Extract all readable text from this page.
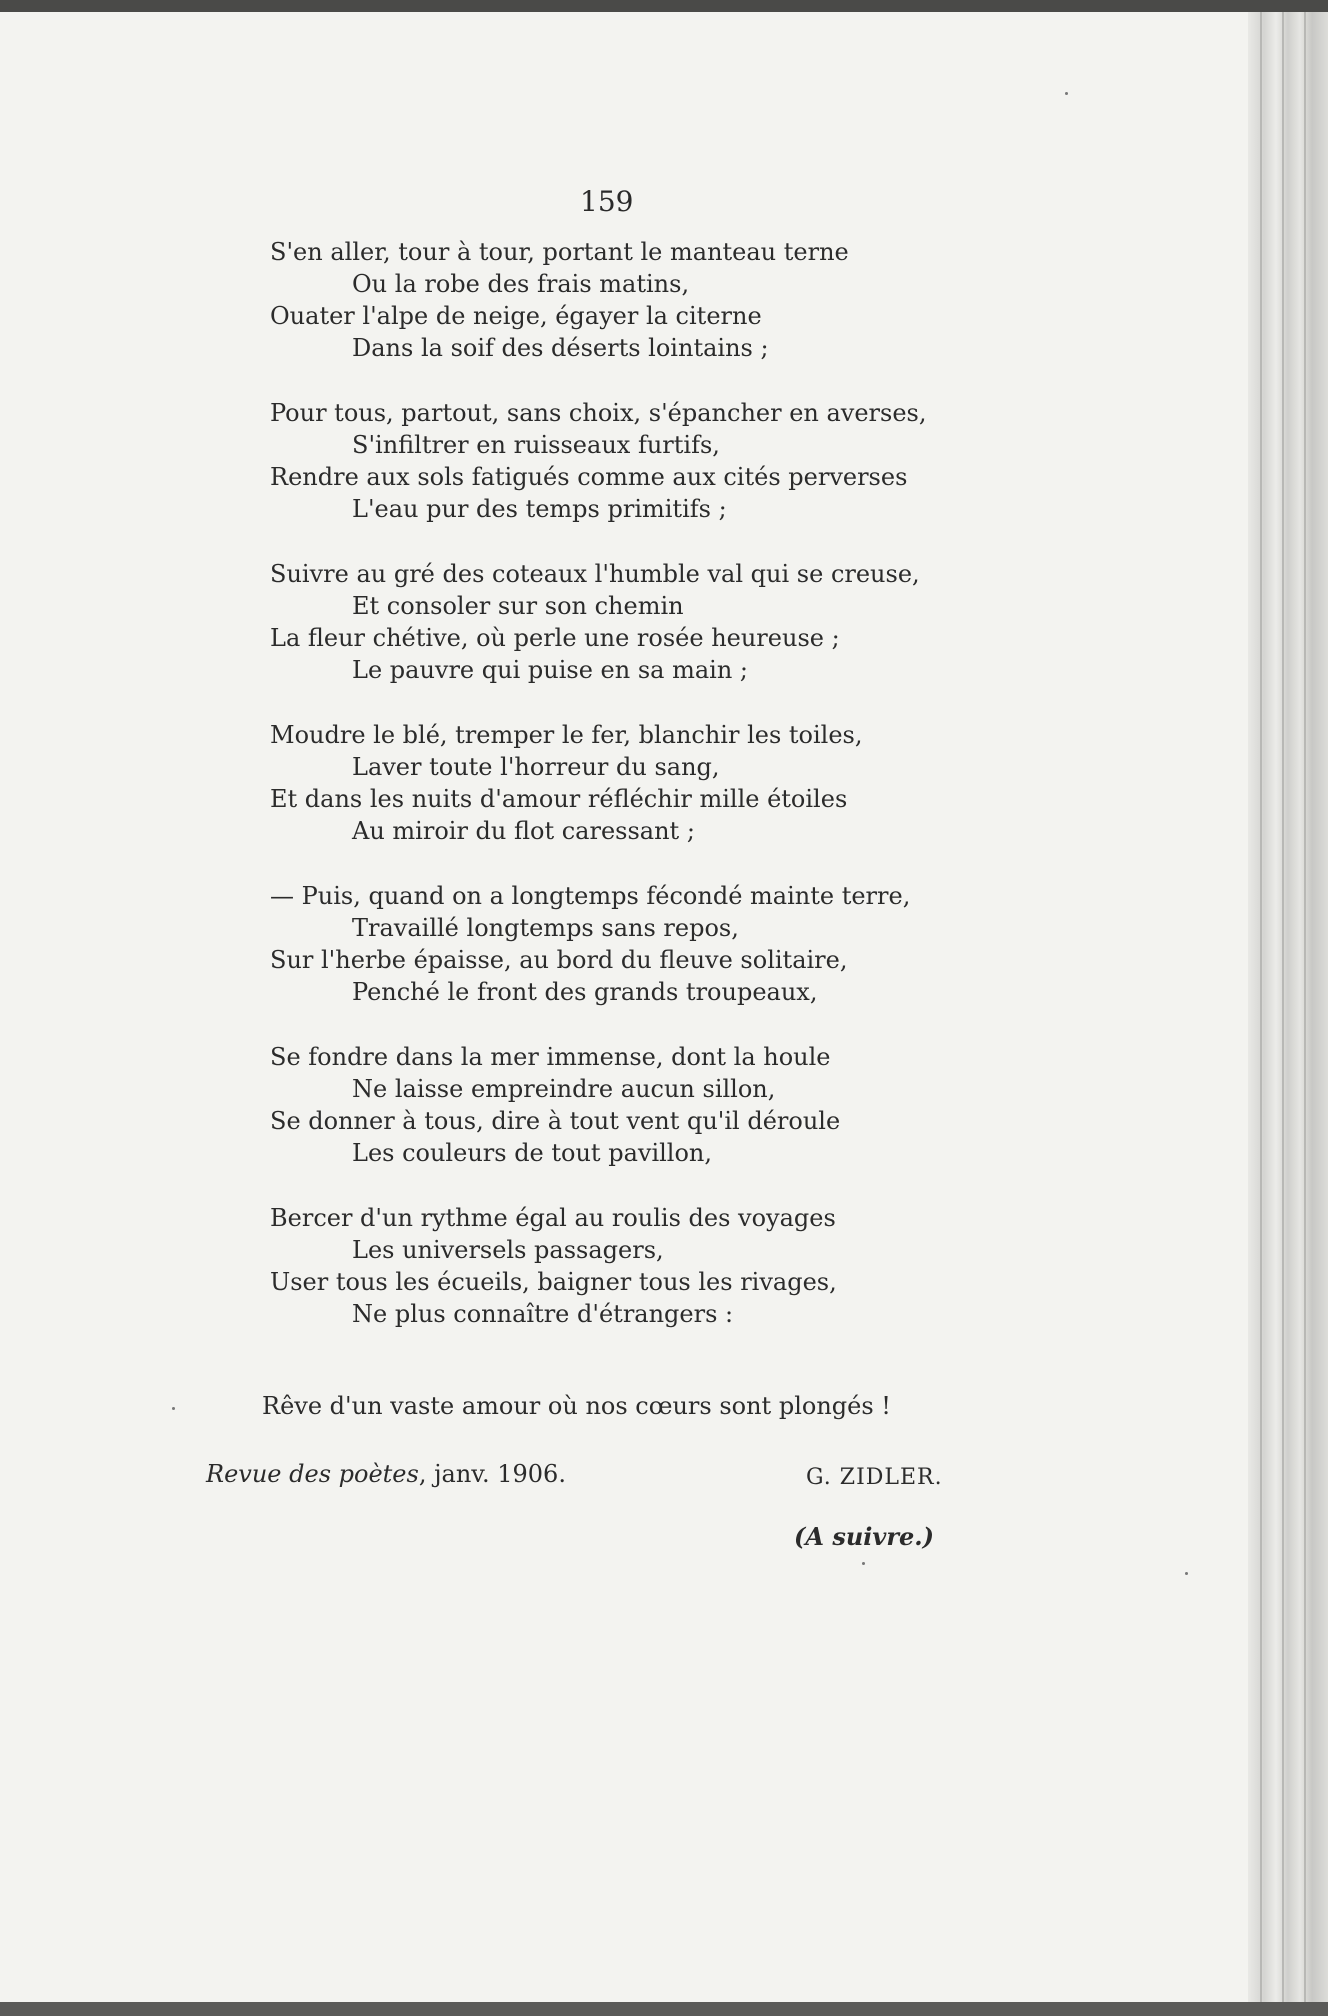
159
S'en aller, tour à tour, portant le manteau terne
Ou la robe des frais matins,
Ouater l'alpe de neige, égayer la citerne
Dans la soif des déserts lointains ;
Pour tous, partout, sans choix, s'épancher en averses,
S'infiltrer en ruisseaux furtifs,
Rendre aux sols fatigués comme aux cités perverses
L'eau pur des temps primitifs ;
Suivre au gré des coteaux l'humble val qui se creuse,
Et consoler sur son chemin
La fleur chétive, où perle une rosée heureuse ;
Le pauvre qui puise en sa main ;
Moudre le blé, tremper le fer, blanchir les toiles,
Laver toute l'horreur du sang,
Et dans les nuits d'amour réfléchir mille étoiles
Au miroir du flot caressant ;
— Puis, quand on a longtemps fécondé mainte terre,
Travaillé longtemps sans repos,
Sur l'herbe épaisse, au bord du fleuve solitaire,
Penché le front des grands troupeaux,
Se fondre dans la mer immense, dont la houle
Ne laisse empreindre aucun sillon,
Se donner à tous, dire à tout vent qu'il déroule
Les couleurs de tout pavillon,
Bercer d'un rythme égal au roulis des voyages
Les universels passagers,
User tous les écueils, baigner tous les rivages,
Ne plus connaître d'étrangers :
Rêve d'un vaste amour où nos cœurs sont plongés !
Revue des poètes, janv. 1906.	G. ZIDLER.
(A suivre.)
